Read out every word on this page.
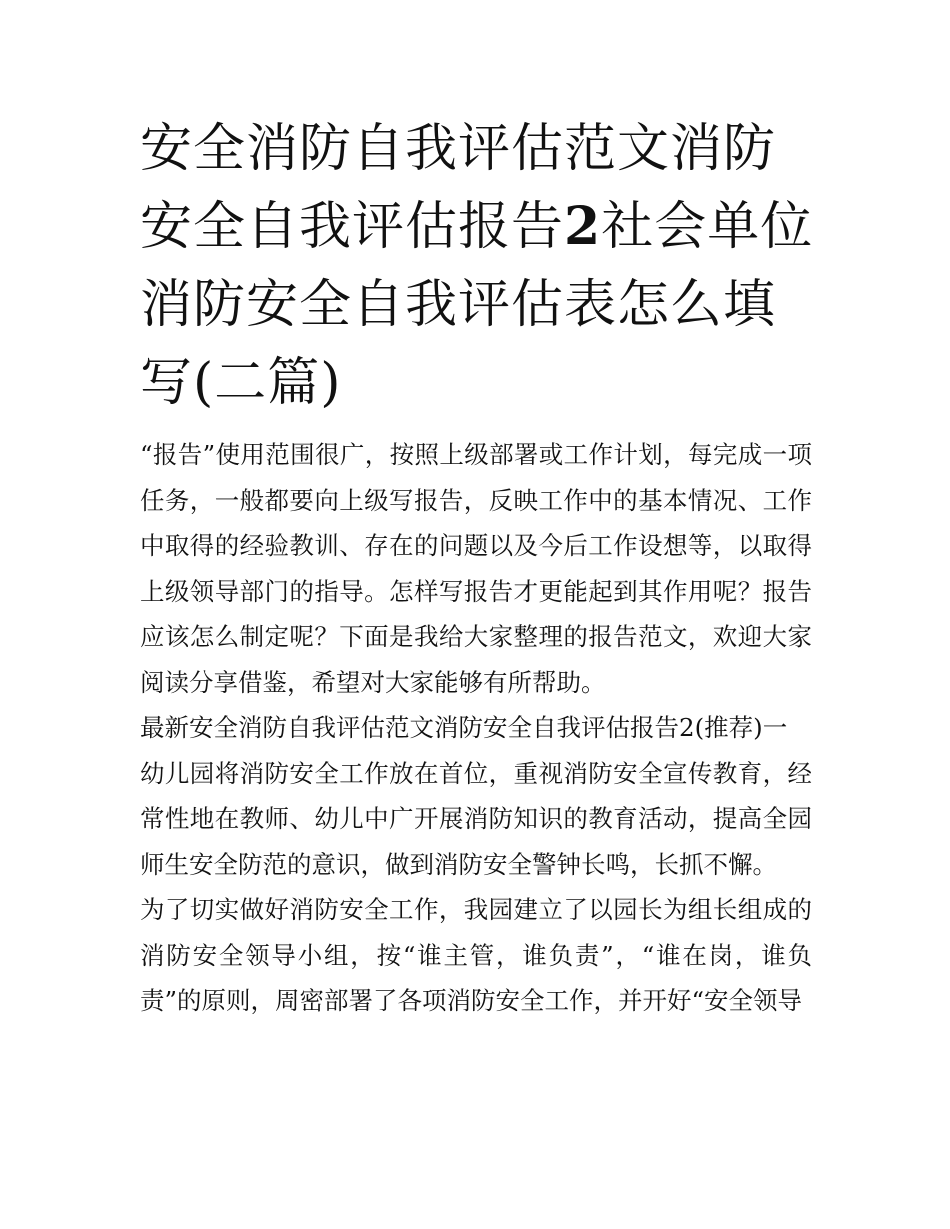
安全消防自我评估范文消防安全自我评估报告2社会单位消防安全自我评估表怎么填写(二篇)

“报告”使用范围很广，按照上级部署或工作计划，每完成一项任务，一般都要向上级写报告，反映工作中的基本情况、工作中取得的经验教训、存在的问题以及今后工作设想等，以取得上级领导部门的指导。怎样写报告才更能起到其作用呢？报告应该怎么制定呢？下面是我给大家整理的报告范文，欢迎大家阅读分享借鉴，希望对大家能够有所帮助。

最新安全消防自我评估范文消防安全自我评估报告2(推荐)一

幼儿园将消防安全工作放在首位，重视消防安全宣传教育，经常性地在教师、幼儿中广开展消防知识的教育活动，提高全园师生安全防范的意识，做到消防安全警钟长鸣，长抓不懈。

为了切实做好消防安全工作，我园建立了以园长为组长组成的消防安全领导小组，按“谁主管，谁负责”，“谁在岗，谁负责”的原则，周密部署了各项消防安全工作，并开好“安全领导
